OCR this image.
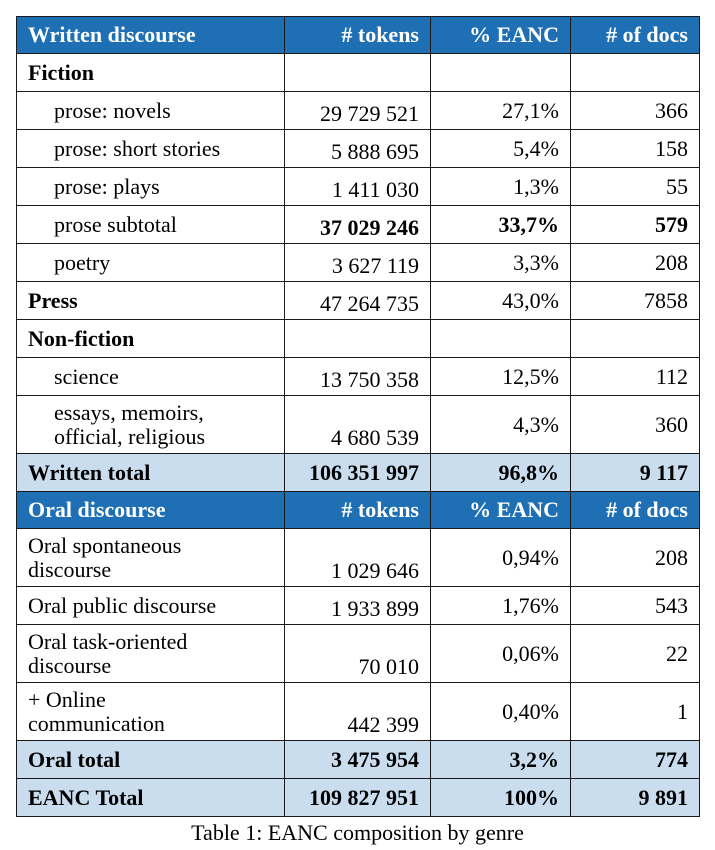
Written discourse	# tokens	% EANC	# of docs
Fiction			
prose: novels	29 729 521	27,1%	366
prose: short stories	5 888 695	5,4%	158
prose: plays	1 411 030	1,3%	55
prose subtotal	37 029 246	33,7%	579
poetry	3 627 119	3,3%	208
Press	47 264 735	43,0%	7858
Non-fiction			
science	13 750 358	12,5%	112

essays, memoirs,
official, religious	4 680 539	4,3%	360
Written total	106 351 997	96,8%	9 117
Oral discourse	# tokens	% EANC	# of docs

Oral spontaneous
discourse	1 029 646	0,94%	208
Oral public discourse	1 933 899	1,76%	543

Oral task-oriented
discourse	70 010	0,06%	22

+ Online
communication	442 399	0,40%	1
Oral total	3 475 954	3,2%	774
EANC Total	109 827 951	100%	9 891
Table 1: EANC composition by genre
